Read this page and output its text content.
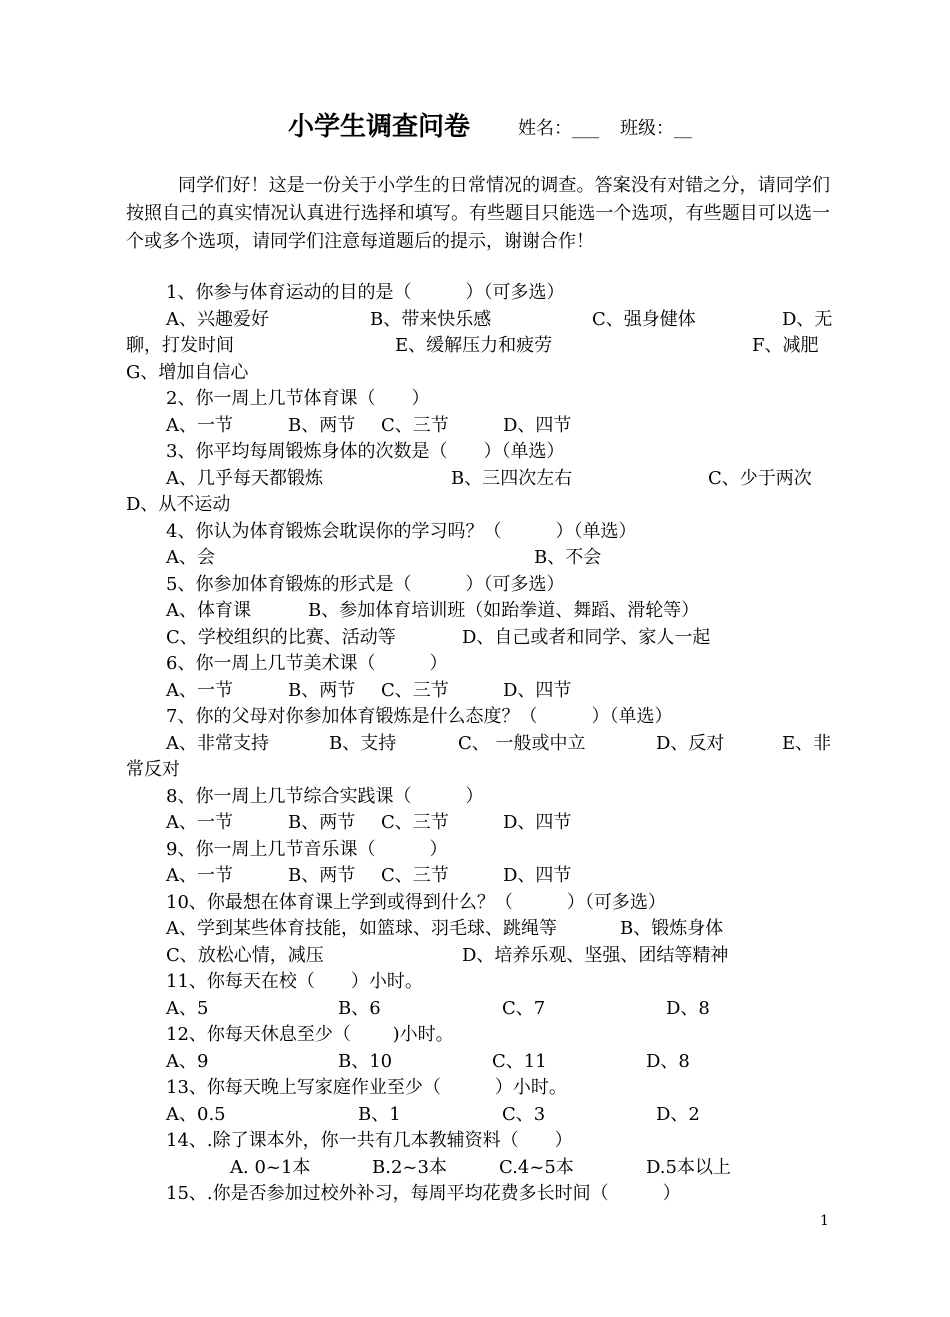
小学生调查问卷	姓名：___ 班级：__

同学们好！这是一份关于小学生的日常情况的调查。答案没有对错之分，请同学们按照自己的真实情况认真进行选择和填写。有些题目只能选一个选项，有些题目可以选一个或多个选项，请同学们注意每道题后的提示，谢谢合作！

1、你参与体育运动的目的是（　　　）（可多选）
A、兴趣爱好	B、带来快乐感	C、强身健体	D、无
聊，打发时间	E、缓解压力和疲劳	F、减肥
G、增加自信心
2、你一周上几节体育课（　　）
A、一节	B、两节 C、三节	D、四节
3、你平均每周锻炼身体的次数是（　　）（单选）
A、几乎每天都锻炼	B、三四次左右	C、少于两次
D、从不运动
4、你认为体育锻炼会耽误你的学习吗？（　　　）（单选）
A、会	B、不会
5、你参加体育锻炼的形式是（　　　）（可多选）
A、体育课	B、参加体育培训班（如跆拳道、舞蹈、滑轮等）
C、学校组织的比赛、活动等	D、自己或者和同学、家人一起
6、你一周上几节美术课（　　　）
A、一节	B、两节 C、三节	D、四节
7、你的父母对你参加体育锻炼是什么态度？（　　　）（单选）
A、非常支持	B、支持	C、 一般或中立	D、反对	E、非
常反对
8、你一周上几节综合实践课（　　　）
A、一节	B、两节 C、三节	D、四节
9、你一周上几节音乐课（　　　）
A、一节	B、两节 C、三节	D、四节
10、你最想在体育课上学到或得到什么？（　　　）（可多选）
A、学到某些体育技能，如篮球、羽毛球、跳绳等	B、锻炼身体
C、放松心情，减压	D、培养乐观、坚强、团结等精神
11、你每天在校（　　）小时。
A、5	B、6	C、7	D、8
12、你每天休息至少（　　 )小时。
A、9	B、10	C、11	D、8
13、你每天晚上写家庭作业至少（　　　）小时。
A、0.5	B、1	C、3	D、2
14、.除了课本外，你一共有几本教辅资料（　　）
A. 0~1本	B.2~3本	C.4~5本	D.5本以上
15、.你是否参加过校外补习，每周平均花费多长时间（　　　）
1
